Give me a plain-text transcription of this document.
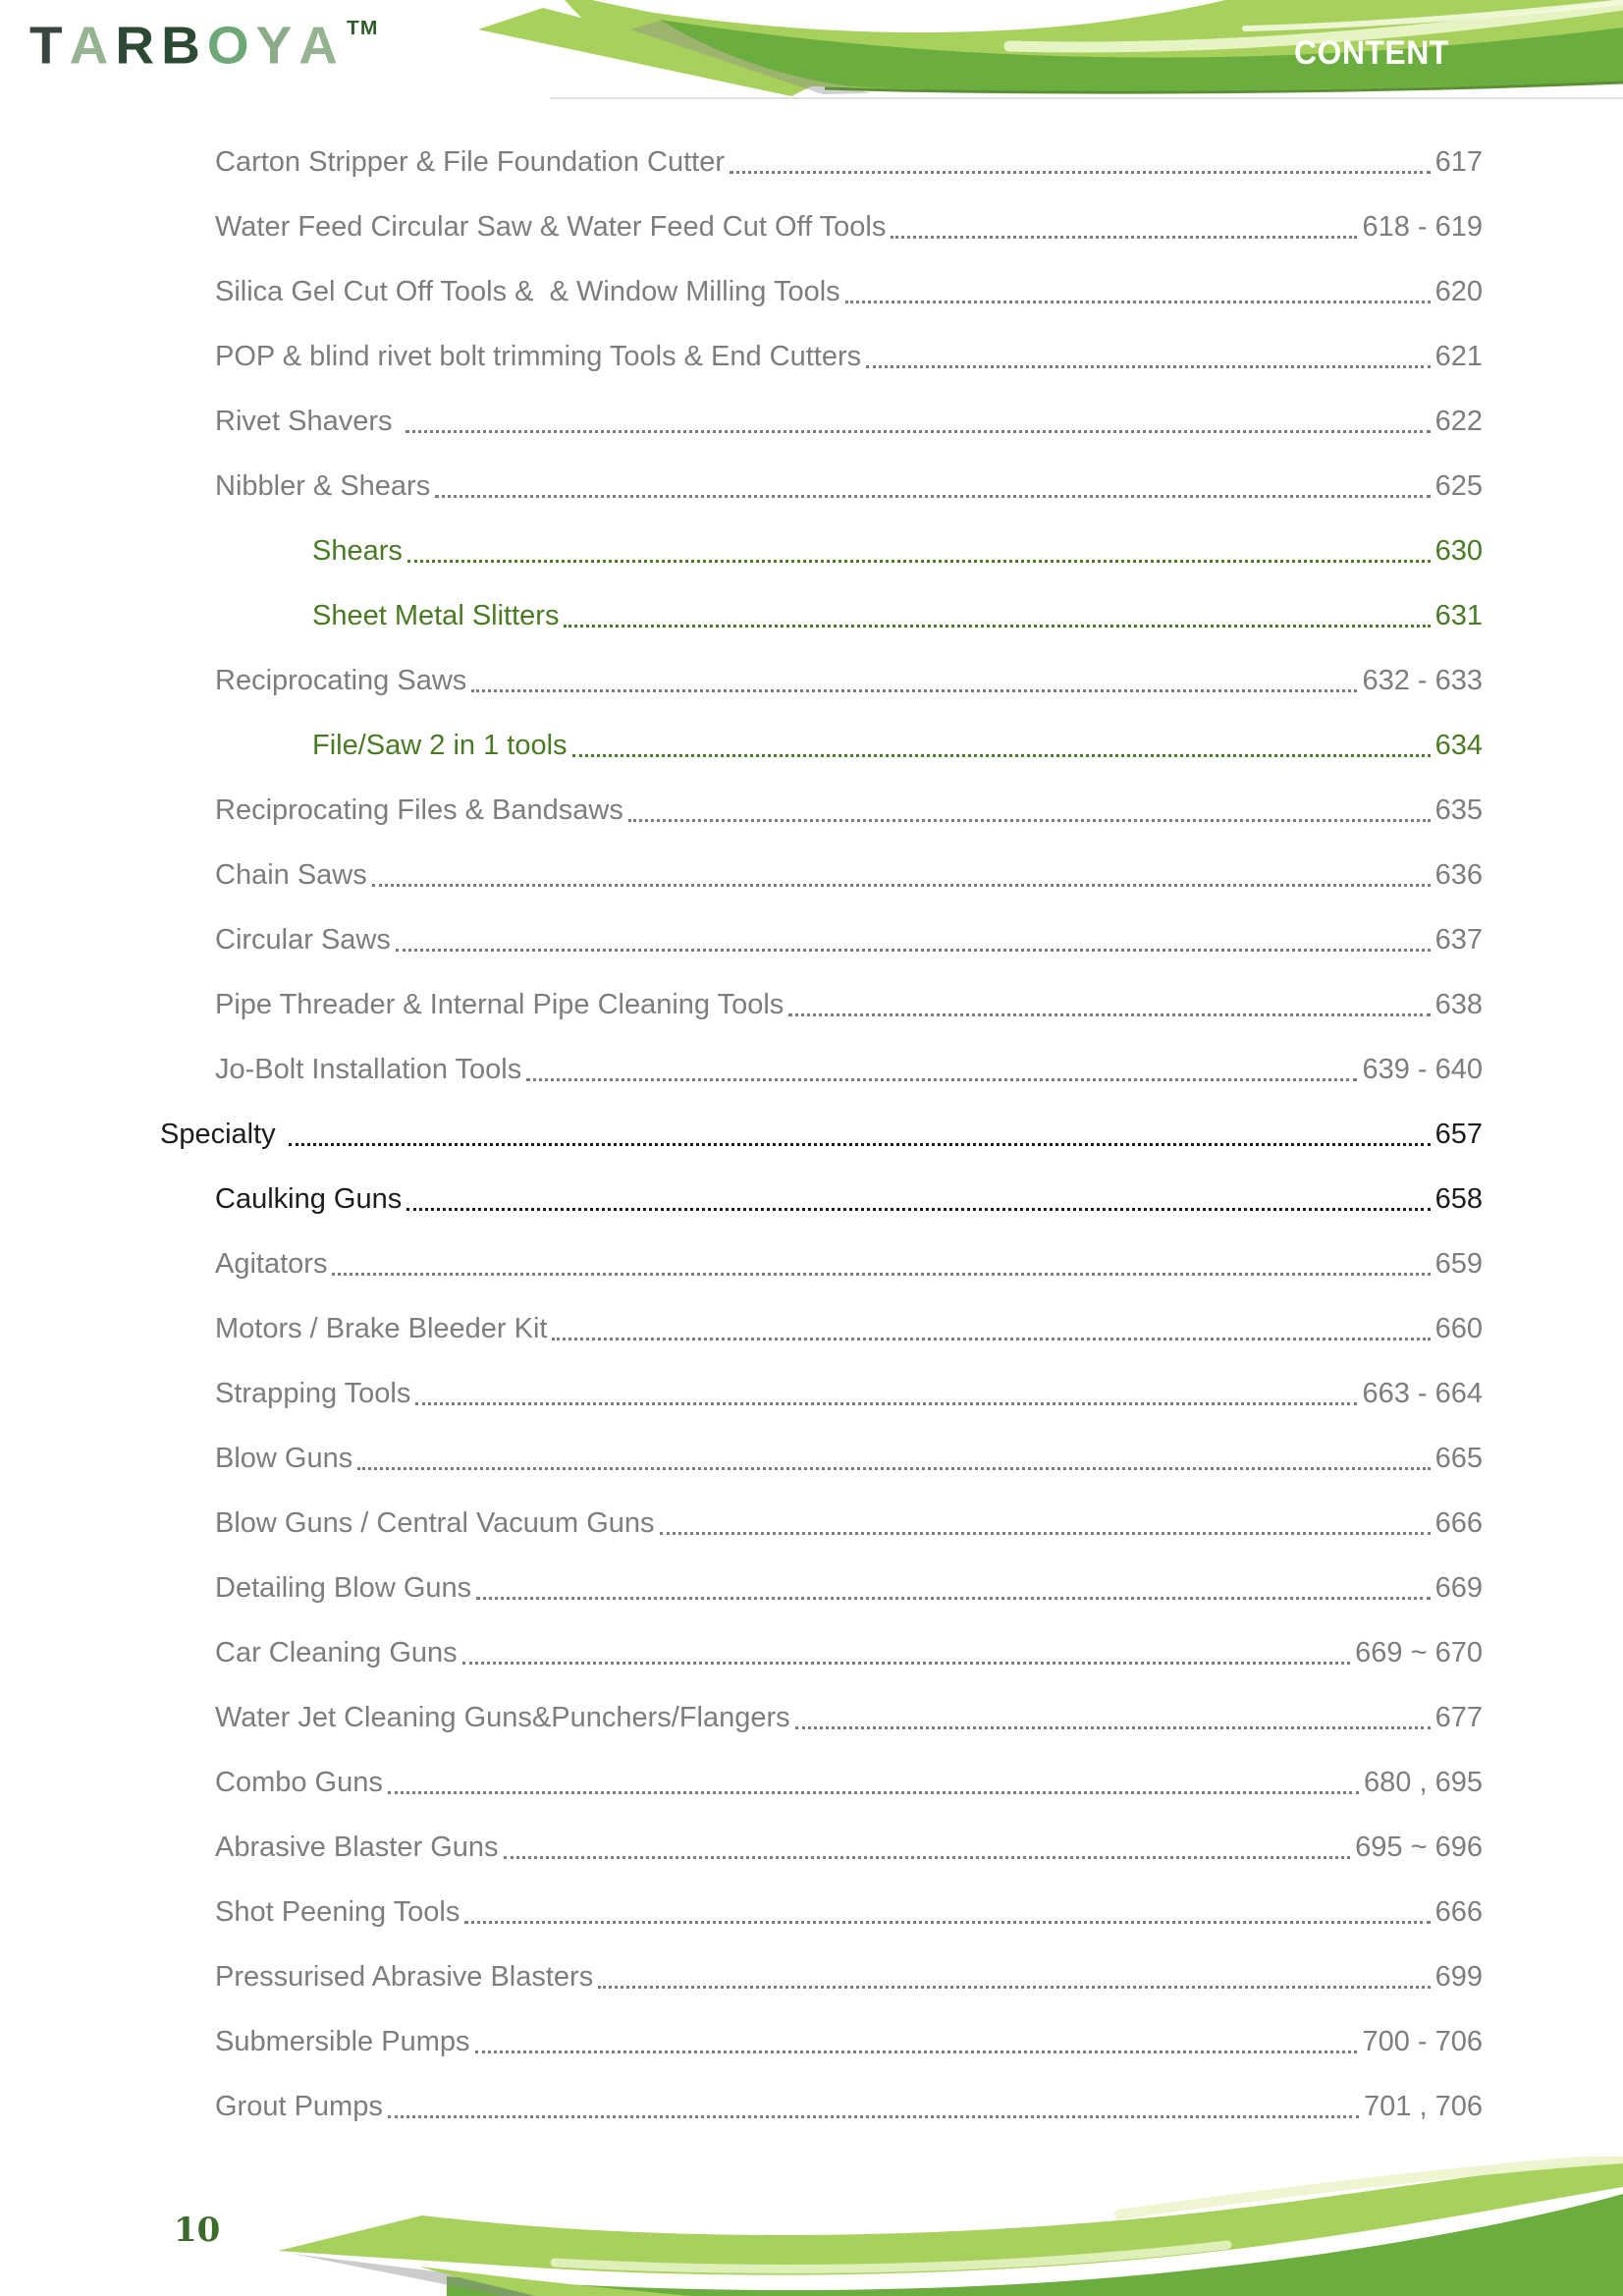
TARBOYA™
CONTENT
Carton Stripper & File Foundation Cutter	617
Water Feed Circular Saw & Water Feed Cut Off Tools	618 - 619
Silica Gel Cut Off Tools &  & Window Milling Tools	620
POP & blind rivet bolt trimming Tools & End Cutters	621
Rivet Shavers	622
Nibbler & Shears	625
Shears	630
Sheet Metal Slitters	631
Reciprocating Saws	632 - 633
File/Saw 2 in 1 tools	634
Reciprocating Files & Bandsaws	635
Chain Saws	636
Circular Saws	637
Pipe Threader & Internal Pipe Cleaning Tools	638
Jo-Bolt Installation Tools	639 - 640
Specialty	657
Caulking Guns	658
Agitators	659
Motors / Brake Bleeder Kit	660
Strapping Tools	663 - 664
Blow Guns	665
Blow Guns / Central Vacuum Guns	666
Detailing Blow Guns	669
Car Cleaning Guns	669 ~ 670
Water Jet Cleaning Guns&Punchers/Flangers	677
Combo Guns	680 , 695
Abrasive Blaster Guns	695 ~ 696
Shot Peening Tools	666
Pressurised Abrasive Blasters	699
Submersible Pumps	700 - 706
Grout Pumps	701 , 706
10
